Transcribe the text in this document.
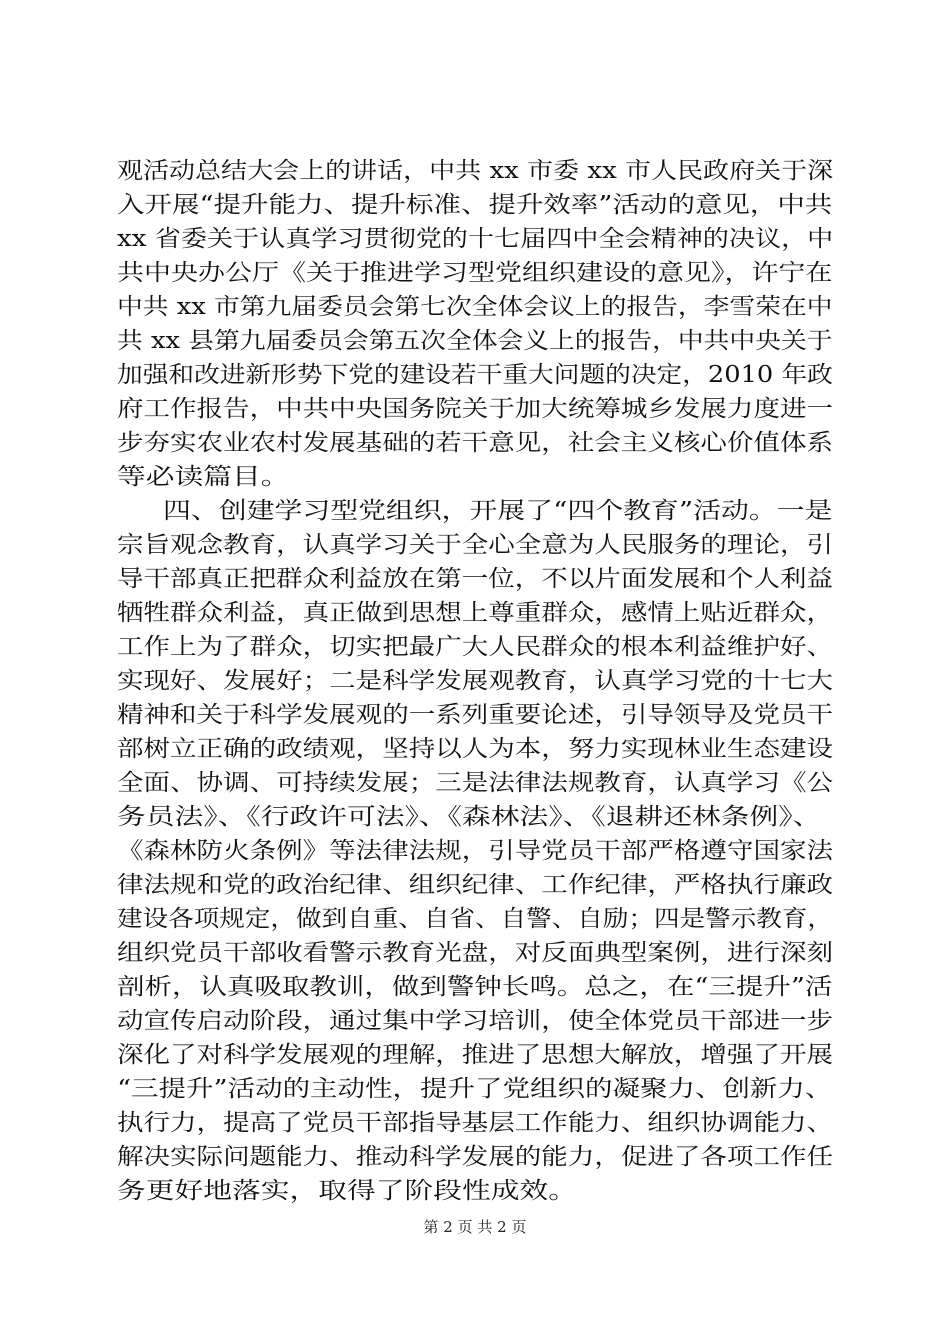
观活动总结大会上的讲话，中共 xx 市委 xx 市人民政府关于深
入开展“提升能力、提升标准、提升效率”活动的意见，中共
xx 省委关于认真学习贯彻党的十七届四中全会精神的决议，中
共中央办公厅《关于推进学习型党组织建设的意见》，许宁在
中共 xx 市第九届委员会第七次全体会议上的报告，李雪荣在中
共 xx 县第九届委员会第五次全体会义上的报告，中共中央关于
加强和改进新形势下党的建设若干重大问题的决定，2010 年政
府工作报告，中共中央国务院关于加大统筹城乡发展力度进一
步夯实农业农村发展基础的若干意见，社会主义核心价值体系
等必读篇目。
四、创建学习型党组织，开展了“四个教育”活动。一是
宗旨观念教育，认真学习关于全心全意为人民服务的理论，引
导干部真正把群众利益放在第一位，不以片面发展和个人利益
牺牲群众利益，真正做到思想上尊重群众，感情上贴近群众，
工作上为了群众，切实把最广大人民群众的根本利益维护好、
实现好、发展好；二是科学发展观教育，认真学习党的十七大
精神和关于科学发展观的一系列重要论述，引导领导及党员干
部树立正确的政绩观，坚持以人为本，努力实现林业生态建设
全面、协调、可持续发展；三是法律法规教育，认真学习《公
务员法》、《行政许可法》、《森林法》、《退耕还林条例》、
《森林防火条例》等法律法规，引导党员干部严格遵守国家法
律法规和党的政治纪律、组织纪律、工作纪律，严格执行廉政
建设各项规定，做到自重、自省、自警、自励；四是警示教育，
组织党员干部收看警示教育光盘，对反面典型案例，进行深刻
剖析，认真吸取教训，做到警钟长鸣。总之，在“三提升”活
动宣传启动阶段，通过集中学习培训，使全体党员干部进一步
深化了对科学发展观的理解，推进了思想大解放，增强了开展
“三提升”活动的主动性，提升了党组织的凝聚力、创新力、
执行力，提高了党员干部指导基层工作能力、组织协调能力、
解决实际问题能力、推动科学发展的能力，促进了各项工作任
务更好地落实，取得了阶段性成效。
第 2 页 共 2 页
